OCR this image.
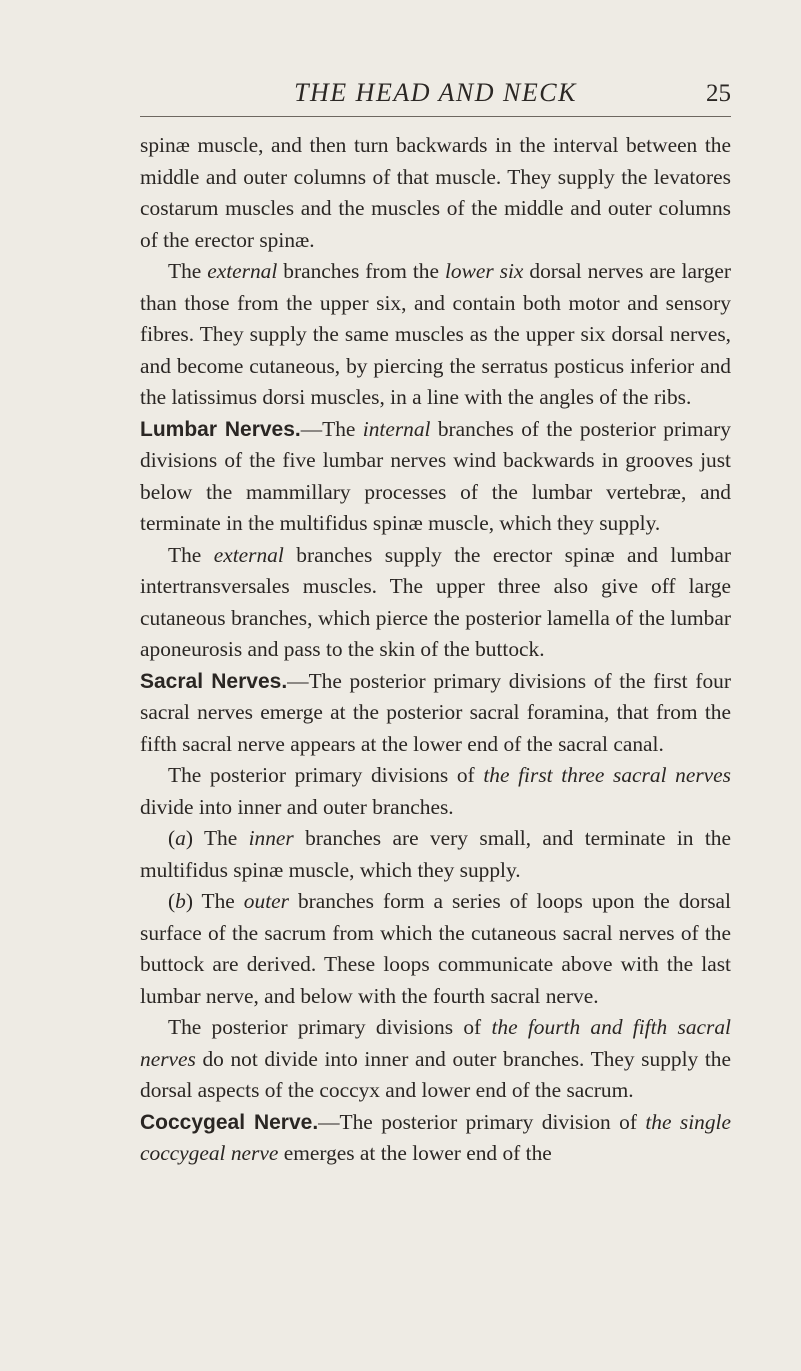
THE HEAD AND NECK	25

spinæ muscle, and then turn backwards in the interval between the middle and outer columns of that muscle. They supply the levatores costarum muscles and the muscles of the middle and outer columns of the erector spinæ.

The external branches from the lower six dorsal nerves are larger than those from the upper six, and contain both motor and sensory fibres. They supply the same muscles as the upper six dorsal nerves, and become cutaneous, by piercing the serratus posticus inferior and the latissimus dorsi muscles, in a line with the angles of the ribs.

Lumbar Nerves.—The internal branches of the posterior primary divisions of the five lumbar nerves wind backwards in grooves just below the mammillary processes of the lumbar vertebræ, and terminate in the multifidus spinæ muscle, which they supply.

The external branches supply the erector spinæ and lumbar intertransversales muscles. The upper three also give off large cutaneous branches, which pierce the posterior lamella of the lumbar aponeurosis and pass to the skin of the buttock.

Sacral Nerves.—The posterior primary divisions of the first four sacral nerves emerge at the posterior sacral foramina, that from the fifth sacral nerve appears at the lower end of the sacral canal.

The posterior primary divisions of the first three sacral nerves divide into inner and outer branches.

(a) The inner branches are very small, and terminate in the multifidus spinæ muscle, which they supply.

(b) The outer branches form a series of loops upon the dorsal surface of the sacrum from which the cutaneous sacral nerves of the buttock are derived. These loops communicate above with the last lumbar nerve, and below with the fourth sacral nerve.

The posterior primary divisions of the fourth and fifth sacral nerves do not divide into inner and outer branches. They supply the dorsal aspects of the coccyx and lower end of the sacrum.

Coccygeal Nerve.—The posterior primary division of the single coccygeal nerve emerges at the lower end of the
